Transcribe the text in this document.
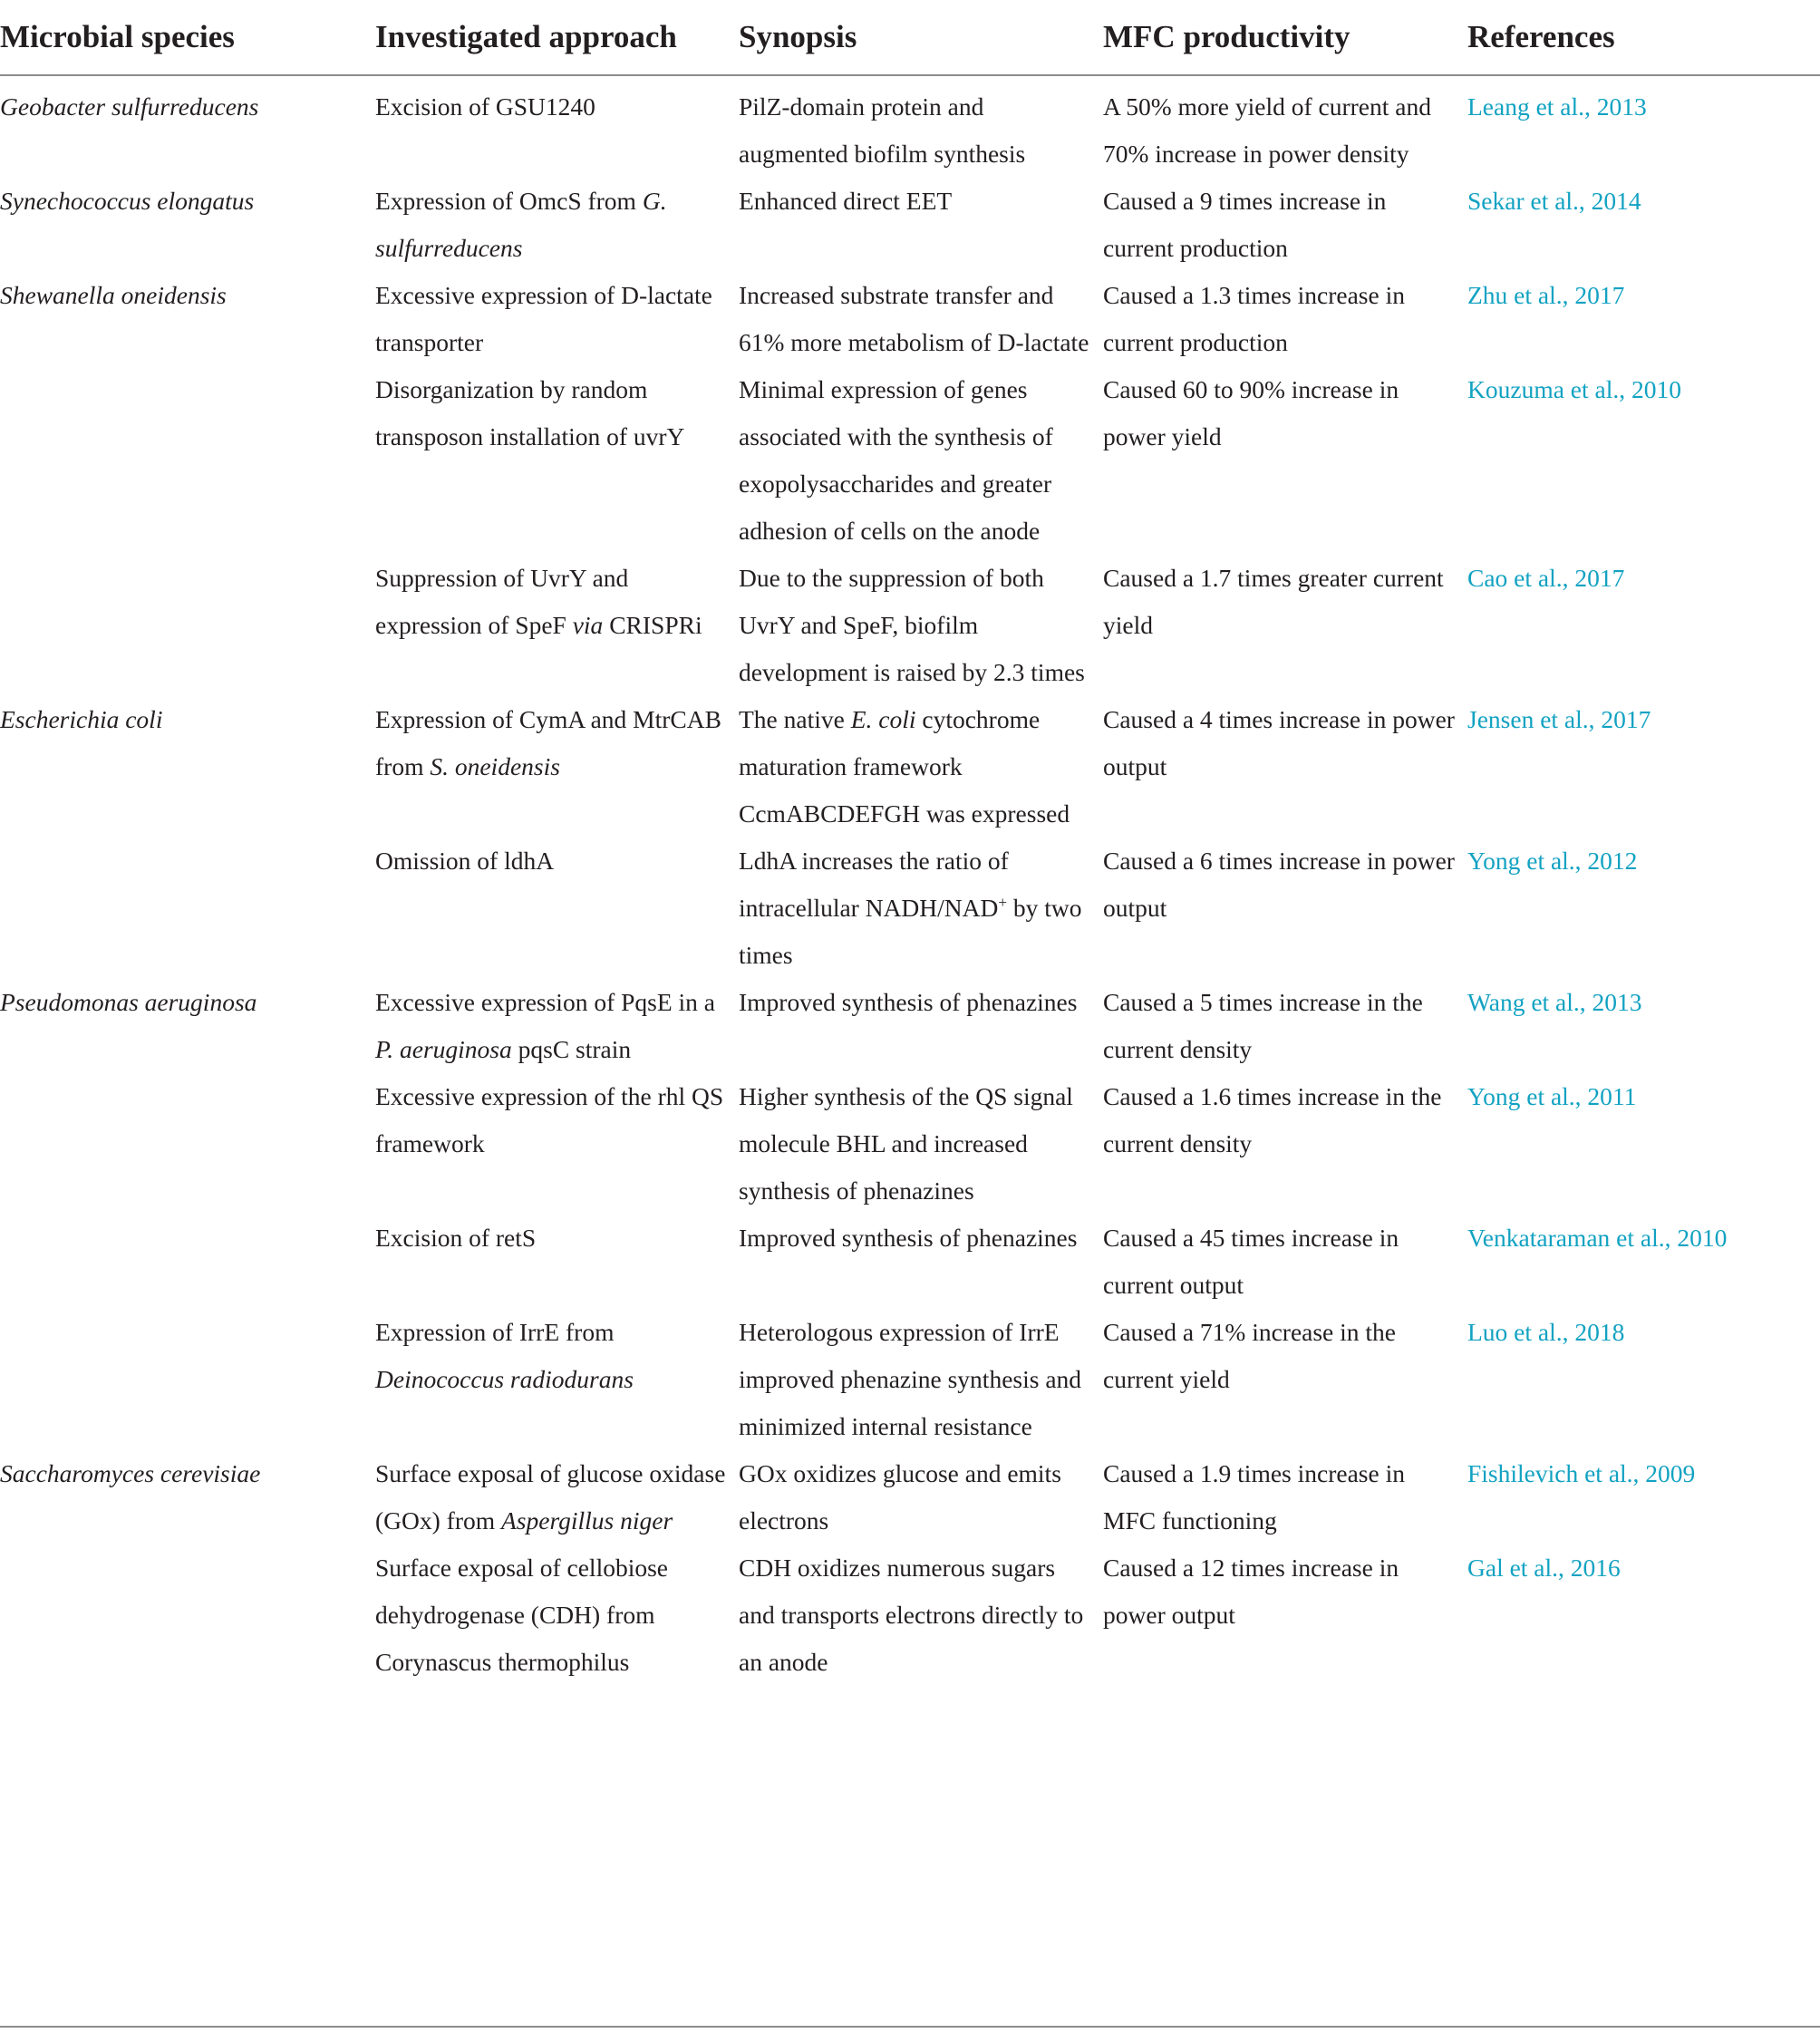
Microbial species	Investigated approach	Synopsis	MFC productivity	References
Geobacter sulfurreducens	Excision of GSU1240	PilZ-domain protein and augmented biofilm synthesis	A 50% more yield of current and 70% increase in power density	Leang et al., 2013
Synechococcus elongatus	Expression of OmcS from G. sulfurreducens	Enhanced direct EET	Caused a 9 times increase in current production	Sekar et al., 2014
Shewanella oneidensis	Excessive expression of D-lactate transporter	Increased substrate transfer and 61% more metabolism of D-lactate	Caused a 1.3 times increase in current production	Zhu et al., 2017
	Disorganization by random transposon installation of uvrY	Minimal expression of genes associated with the synthesis of exopolysaccharides and greater adhesion of cells on the anode	Caused 60 to 90% increase in power yield	Kouzuma et al., 2010
	Suppression of UvrY and expression of SpeF via CRISPRi	Due to the suppression of both UvrY and SpeF, biofilm development is raised by 2.3 times	Caused a 1.7 times greater current yield	Cao et al., 2017
Escherichia coli	Expression of CymA and MtrCAB from S. oneidensis	The native E. coli cytochrome maturation framework CcmABCDEFGH was expressed	Caused a 4 times increase in power output	Jensen et al., 2017
	Omission of ldhA	LdhA increases the ratio of intracellular NADH/NAD+ by two times	Caused a 6 times increase in power output	Yong et al., 2012
Pseudomonas aeruginosa	Excessive expression of PqsE in a P. aeruginosa pqsC strain	Improved synthesis of phenazines	Caused a 5 times increase in the current density	Wang et al., 2013
	Excessive expression of the rhl QS framework	Higher synthesis of the QS signal molecule BHL and increased synthesis of phenazines	Caused a 1.6 times increase in the current density	Yong et al., 2011
	Excision of retS	Improved synthesis of phenazines	Caused a 45 times increase in current output	Venkataraman et al., 2010
	Expression of IrrE from Deinococcus radiodurans	Heterologous expression of IrrE improved phenazine synthesis and minimized internal resistance	Caused a 71% increase in the current yield	Luo et al., 2018
Saccharomyces cerevisiae	Surface exposal of glucose oxidase (GOx) from Aspergillus niger	GOx oxidizes glucose and emits electrons	Caused a 1.9 times increase in MFC functioning	Fishilevich et al., 2009
	Surface exposal of cellobiose dehydrogenase (CDH) from Corynascus thermophilus	CDH oxidizes numerous sugars and transports electrons directly to an anode	Caused a 12 times increase in power output	Gal et al., 2016
